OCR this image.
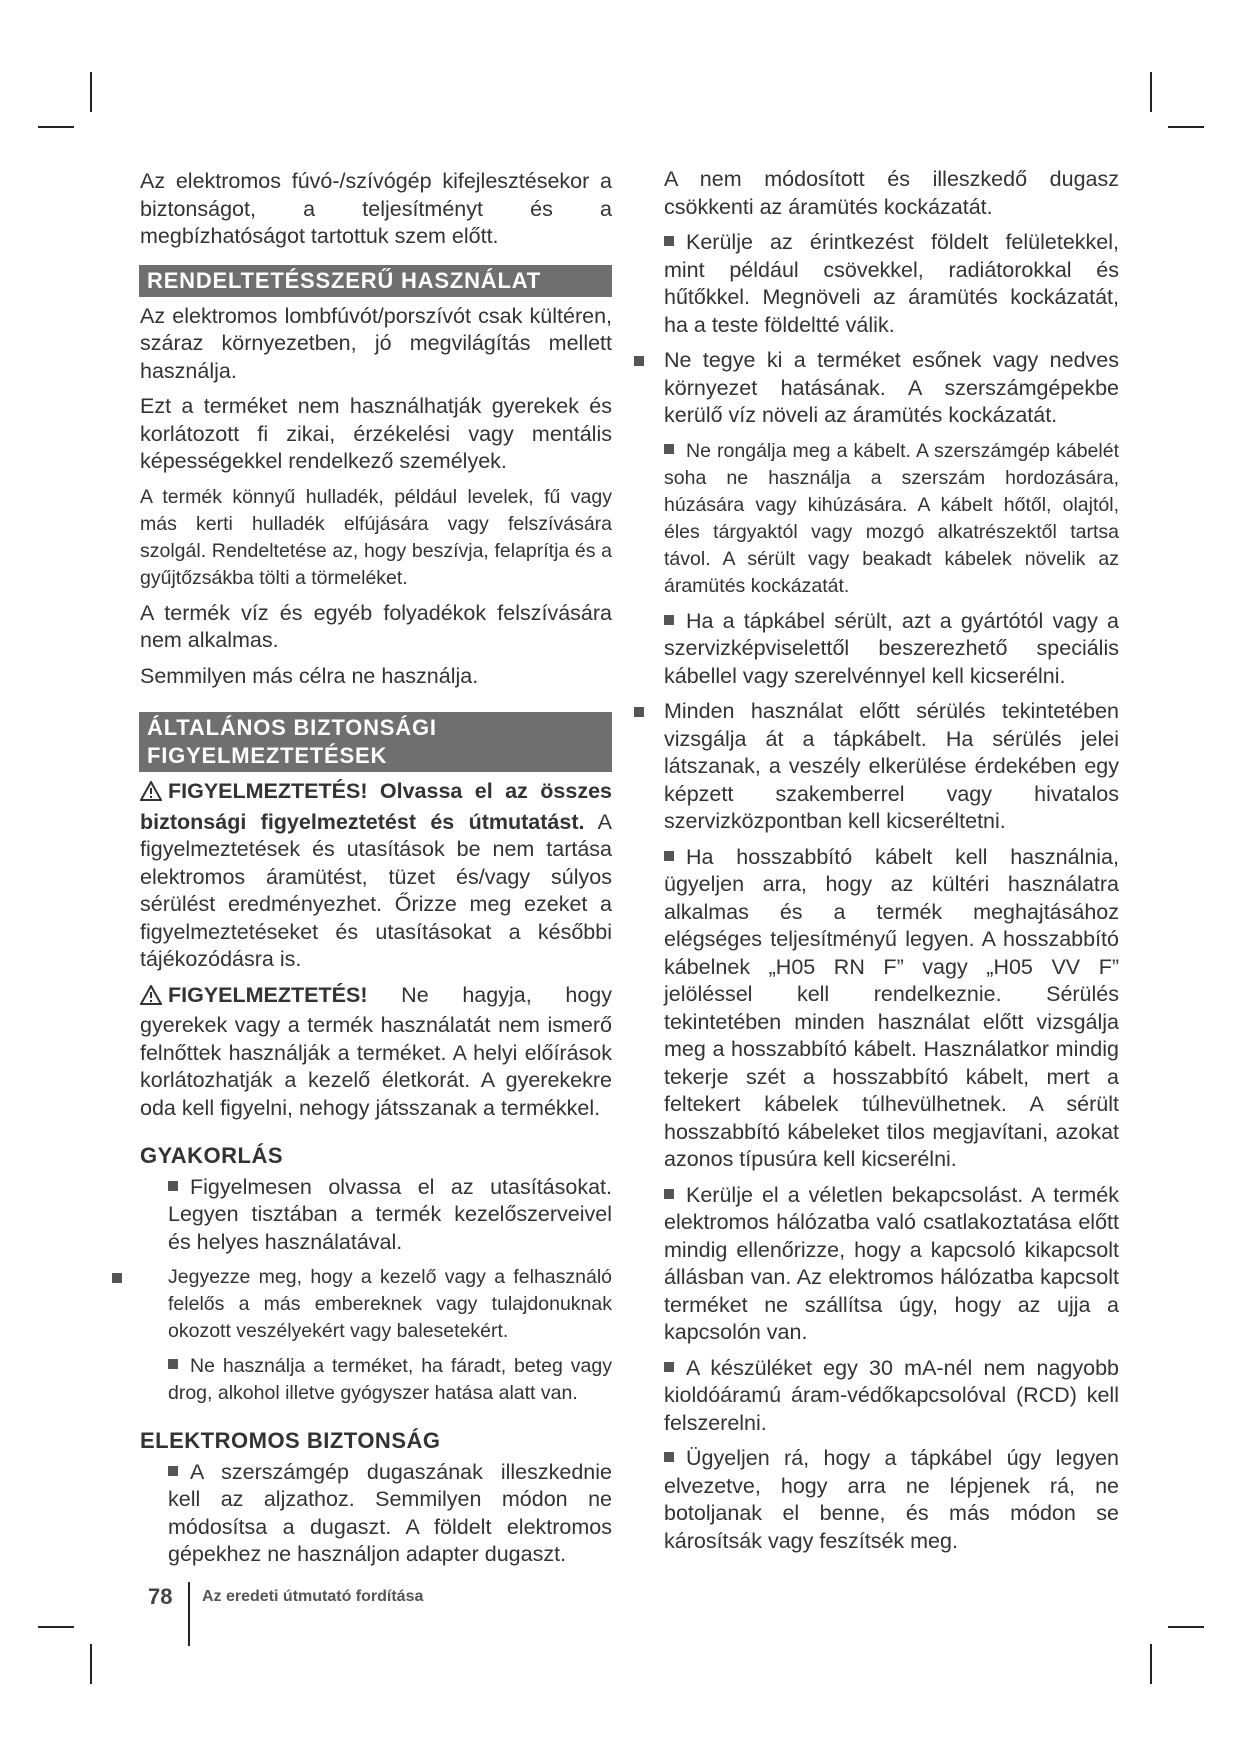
Az elektromos fúvó-/szívógép kifejlesztésekor a biztonságot, a teljesítményt és a megbízhatóságot tartottuk szem előtt.

RENDELTETÉSSZERŰ HASZNÁLAT

Az elektromos lombfúvót/porszívót csak kültéren, száraz környezetben, jó megvilágítás mellett használja.

Ezt a terméket nem használhatják gyerekek és korlátozott fi zikai, érzékelési vagy mentális képességekkel rendelkező személyek.

A termék könnyű hulladék, például levelek, fű vagy más kerti hulladék elfújására vagy felszívására szolgál. Rendeltetése az, hogy beszívja, felaprítja és a gyűjtőzsákba tölti a törmeléket.

A termék víz és egyéb folyadékok felszívására nem alkalmas.

Semmilyen más célra ne használja.

ÁLTALÁNOS BIZTONSÁGI
FIGYELMEZTETÉSEK

FIGYELMEZTETÉS! Olvassa el az összes biztonsági figyelmeztetést és útmutatást. A figyelmeztetések és utasítások be nem tartása elektromos áramütést, tüzet és/vagy súlyos sérülést eredményezhet. Őrizze meg ezeket a figyelmeztetéseket és utasításokat a későbbi tájékozódásra is.

FIGYELMEZTETÉS! Ne hagyja, hogy gyerekek vagy a termék használatát nem ismerő felnőttek használják a terméket. A helyi előírások korlátozhatják a kezelő életkorát. A gyerekekre oda kell figyelni, nehogy játsszanak a termékkel.

GYAKORLÁS
Figyelmesen olvassa el az utasításokat. Legyen tisztában a termék kezelőszerveivel és helyes használatával.
Jegyezze meg, hogy a kezelő vagy a felhasználó felelős a más embereknek vagy tulajdonuknak okozott veszélyekért vagy balesetekért.
Ne használja a terméket, ha fáradt, beteg vagy drog, alkohol illetve gyógyszer hatása alatt van.
ELEKTROMOS BIZTONSÁG
A szerszámgép dugaszának illeszkednie kell az aljzathoz. Semmilyen módon ne módosítsa a dugaszt. A földelt elektromos gépekhez ne használjon adapter dugaszt.

A nem módosított és illeszkedő dugasz csökkenti az áramütés kockázatát.

Kerülje az érintkezést földelt felületekkel, mint például csövekkel, radiátorokkal és hűtőkkel. Megnöveli az áramütés kockázatát, ha a teste földeltté válik.
Ne tegye ki a terméket esőnek vagy nedves környezet hatásának. A szerszámgépekbe kerülő víz növeli az áramütés kockázatát.
Ne rongálja meg a kábelt. A szerszámgép kábelét soha ne használja a szerszám hordozására, húzására vagy kihúzására. A kábelt hőtől, olajtól, éles tárgyaktól vagy mozgó alkatrészektől tartsa távol. A sérült vagy beakadt kábelek növelik az áramütés kockázatát.
Ha a tápkábel sérült, azt a gyártótól vagy a szervizképviselettől beszerezhető speciális kábellel vagy szerelvénnyel kell kicserélni.
Minden használat előtt sérülés tekintetében vizsgálja át a tápkábelt. Ha sérülés jelei látszanak, a veszély elkerülése érdekében egy képzett szakemberrel vagy hivatalos szervizközpontban kell kicseréltetni.
Ha hosszabbító kábelt kell használnia, ügyeljen arra, hogy az kültéri használatra alkalmas és a termék meghajtásához elégséges teljesítményű legyen. A hosszabbító kábelnek „H05 RN F” vagy „H05 VV F” jelöléssel kell rendelkeznie. Sérülés tekintetében minden használat előtt vizsgálja meg a hosszabbító kábelt. Használatkor mindig tekerje szét a hosszabbító kábelt, mert a feltekert kábelek túlhevülhetnek. A sérült hosszabbító kábeleket tilos megjavítani, azokat azonos típusúra kell kicserélni.
Kerülje el a véletlen bekapcsolást. A termék elektromos hálózatba való csatlakoztatása előtt mindig ellenőrizze, hogy a kapcsoló kikapcsolt állásban van. Az elektromos hálózatba kapcsolt terméket ne szállítsa úgy, hogy az ujja a kapcsolón van.
A készüléket egy 30 mA-nél nem nagyobb kioldóáramú áram-védőkapcsolóval (RCD) kell felszerelni.
Ügyeljen rá, hogy a tápkábel úgy legyen elvezetve, hogy arra ne lépjenek rá, ne botoljanak el benne, és más módon se károsítsák vagy feszítsék meg.
78 Az eredeti útmutató fordítása
